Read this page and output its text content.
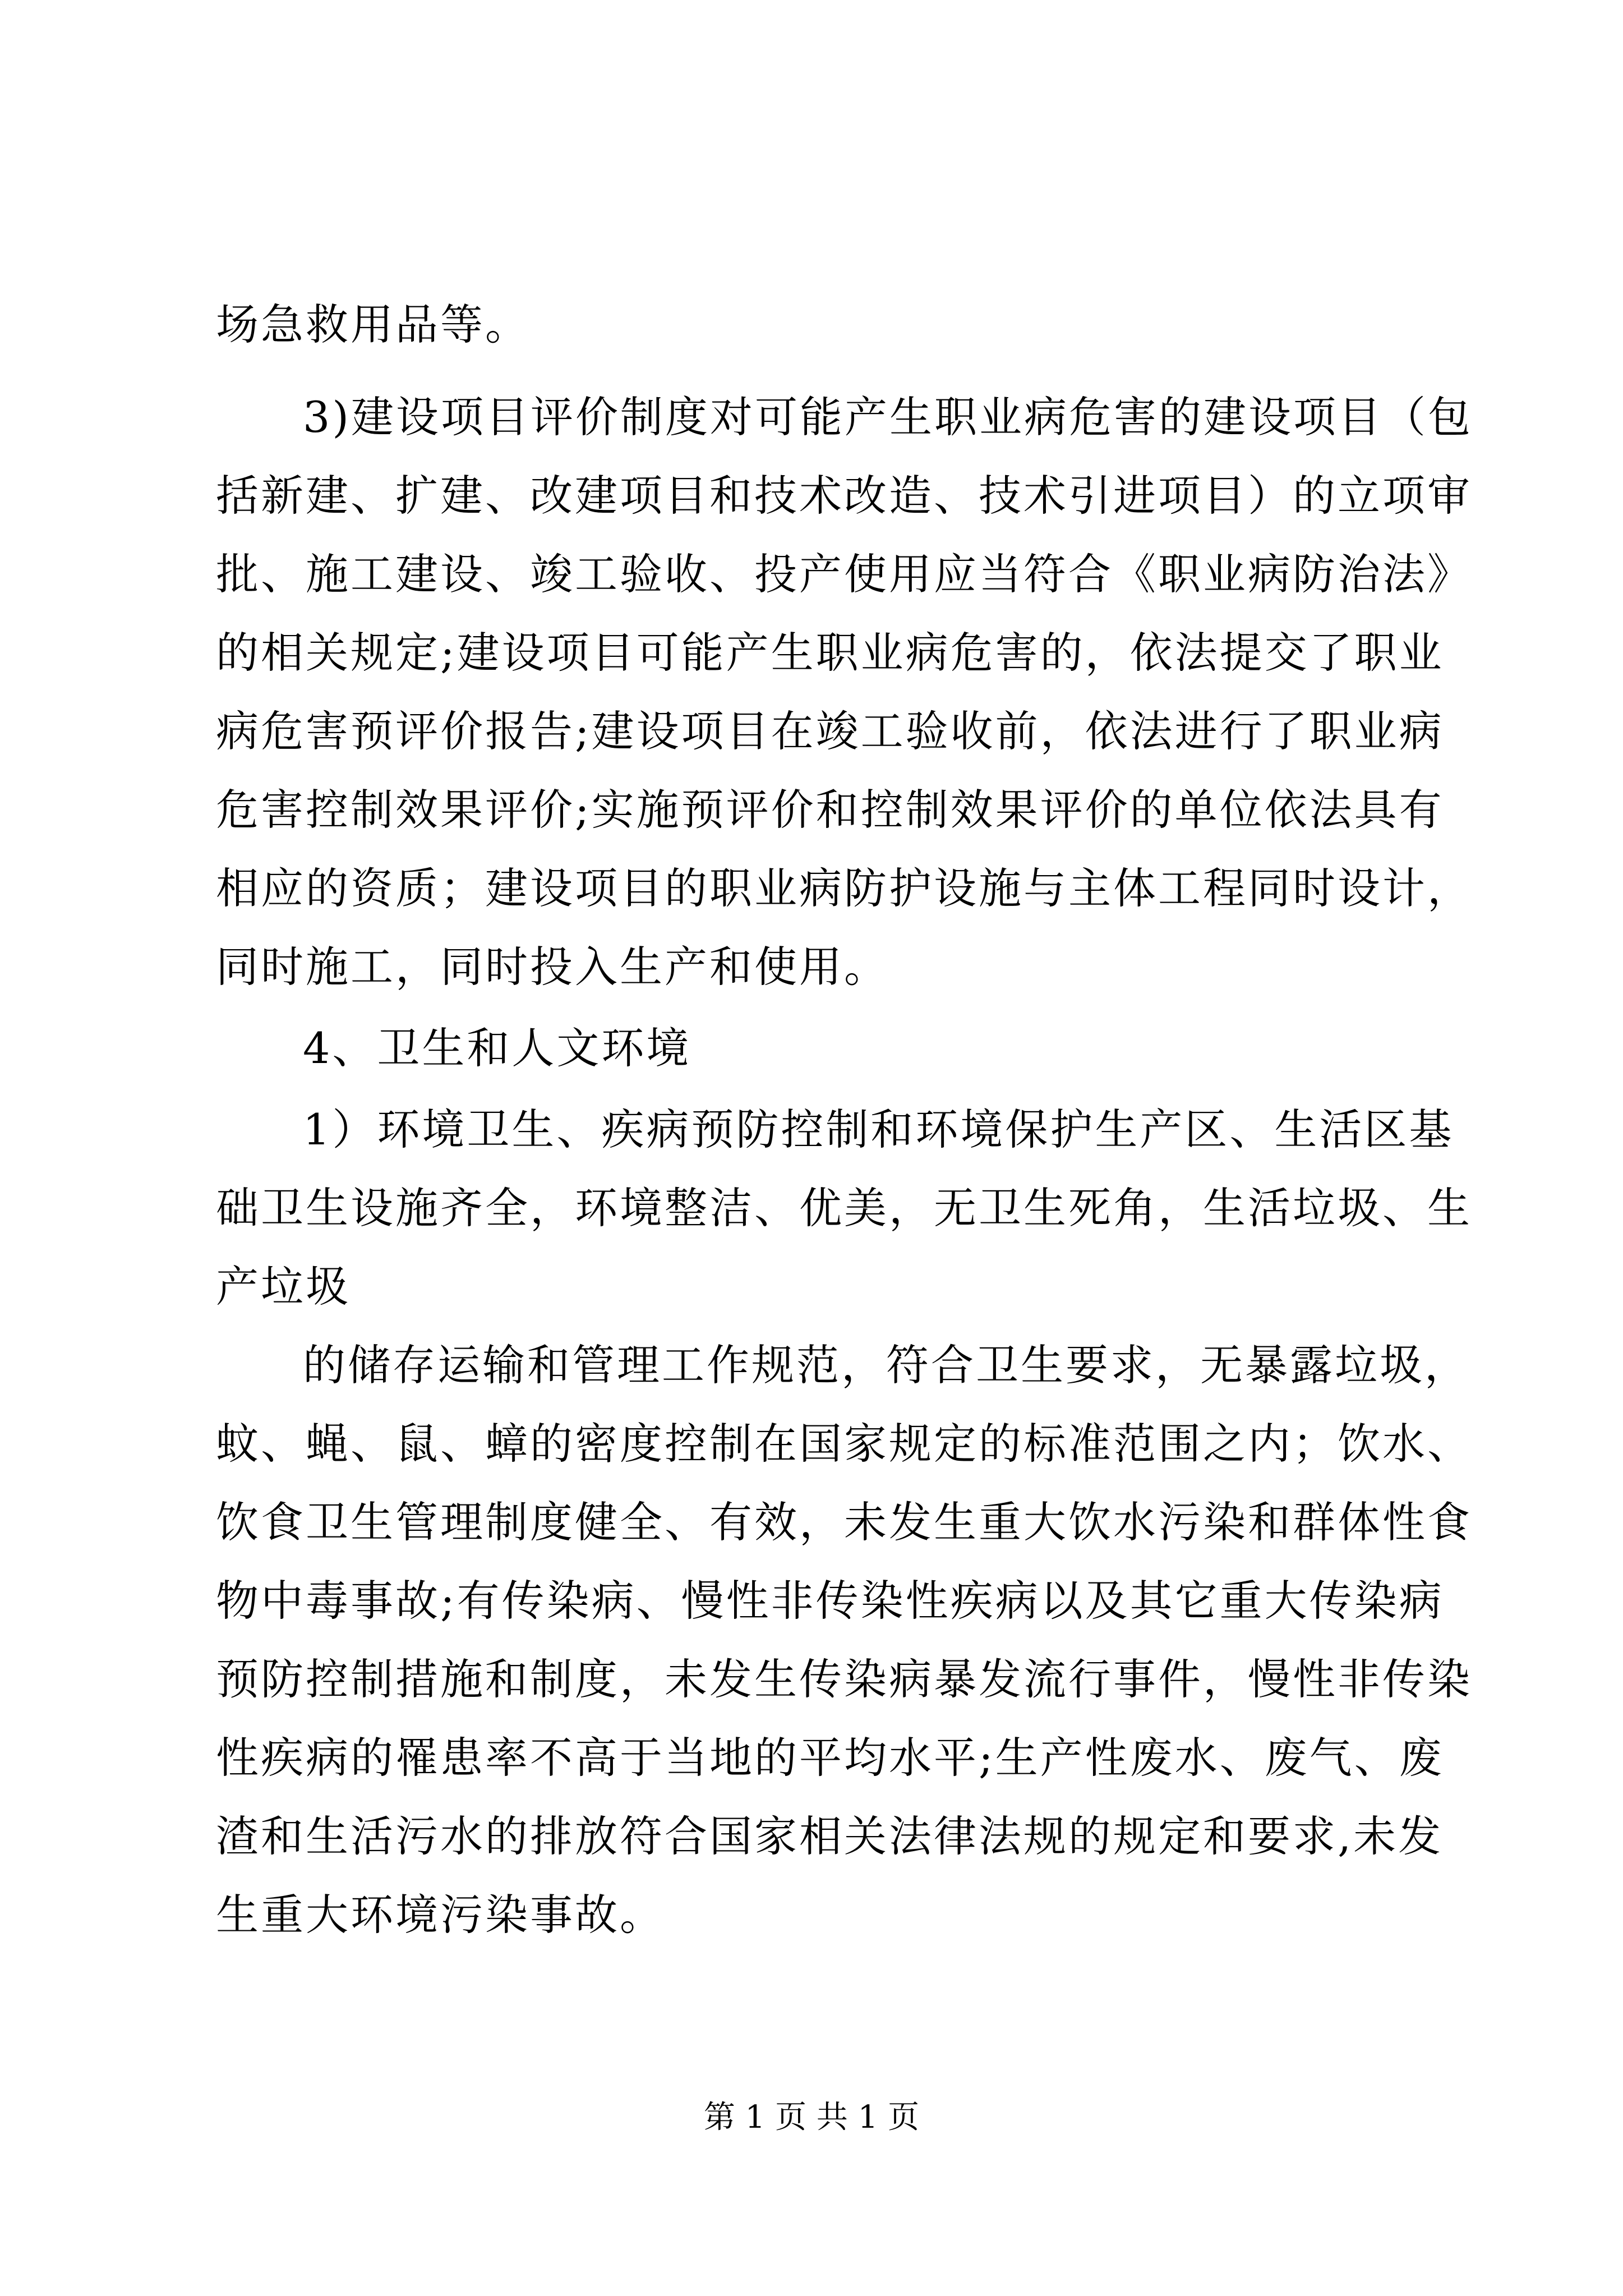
场急救用品等。
3)建设项目评价制度对可能产生职业病危害的建设项目（包
括新建、扩建、改建项目和技术改造、技术引进项目）的立项审
批、施工建设、竣工验收、投产使用应当符合《职业病防治法》
的相关规定;建设项目可能产生职业病危害的，依法提交了职业
病危害预评价报告;建设项目在竣工验收前，依法进行了职业病
危害控制效果评价;实施预评价和控制效果评价的单位依法具有
相应的资质；建设项目的职业病防护设施与主体工程同时设计，
同时施工，同时投入生产和使用。
4、卫生和人文环境
1）环境卫生、疾病预防控制和环境保护生产区、生活区基
础卫生设施齐全，环境整洁、优美，无卫生死角，生活垃圾、生
产垃圾
的储存运输和管理工作规范，符合卫生要求，无暴露垃圾，
蚊、蝇、鼠、蟑的密度控制在国家规定的标准范围之内；饮水、
饮食卫生管理制度健全、有效，未发生重大饮水污染和群体性食
物中毒事故;有传染病、慢性非传染性疾病以及其它重大传染病
预防控制措施和制度，未发生传染病暴发流行事件，慢性非传染
性疾病的罹患率不高于当地的平均水平;生产性废水、废气、废
渣和生活污水的排放符合国家相关法律法规的规定和要求,未发
生重大环境污染事故。
第 1 页 共 1 页
